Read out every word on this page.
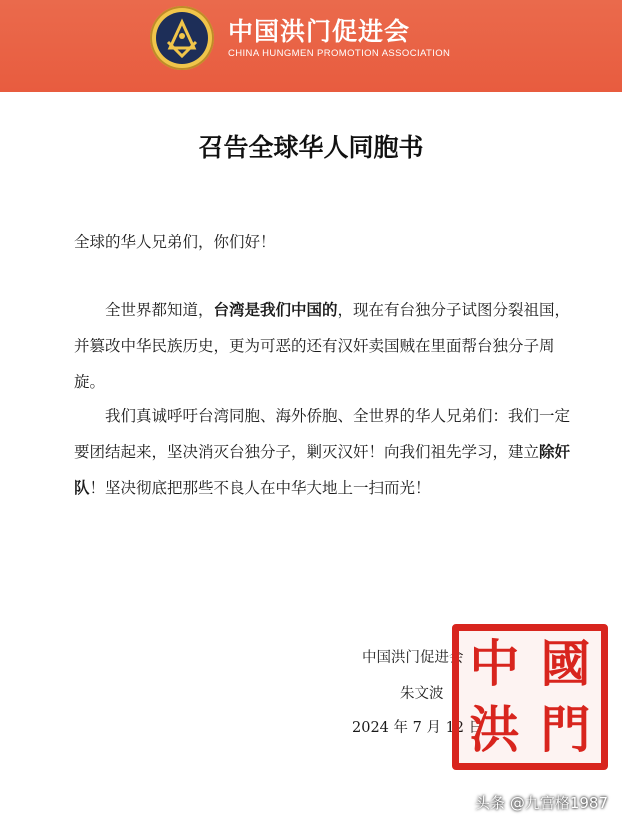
中国洪门促进会
CHINA HUNGMEN PROMOTION ASSOCIATION
召告全球华人同胞书
全球的华人兄弟们，你们好！

全世界都知道，台湾是我们中国的，现在有台独分子试图分裂祖国，并篡改中华民族历史，更为可恶的还有汉奸卖国贼在里面帮台独分子周旋。

我们真诚呼吁台湾同胞、海外侨胞、全世界的华人兄弟们：我们一定要团结起来，坚决消灭台独分子，剿灭汉奸！向我们祖先学习，建立除奸队！坚决彻底把那些不良人在中华大地上一扫而光！

中国洪门促进会
朱文波
2024 年 7 月 12 日
中 國
洪 門
头条 @九宫格1987
